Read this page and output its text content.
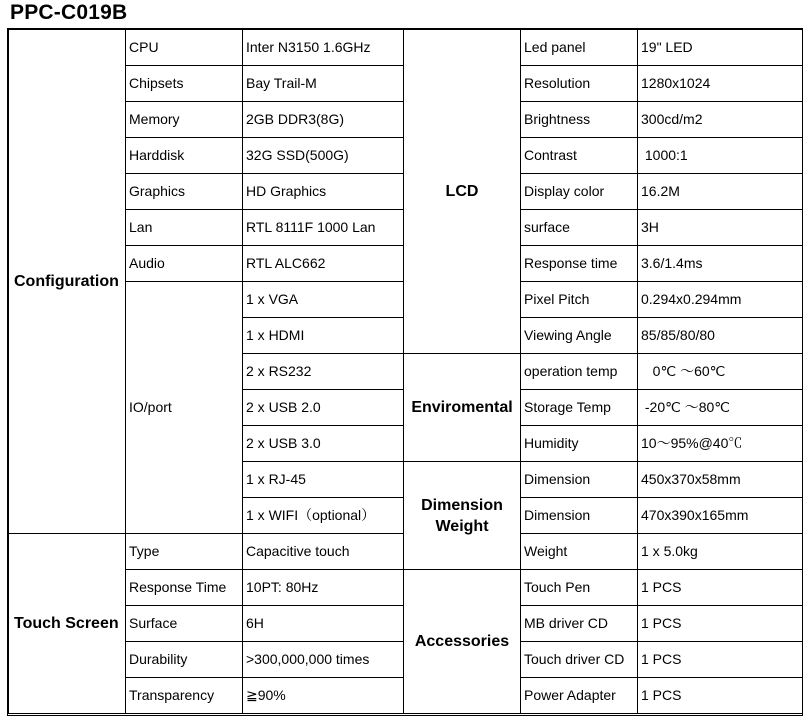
PPC-C019B
Configuration	CPU	Inter N3150 1.6GHz	LCD	Led panel	19" LED
	Chipsets	Bay Trail-M		Resolution	1280x1024
	Memory	2GB DDR3(8G)		Brightness	300cd/m2
	Harddisk	32G SSD(500G)		Contrast	1000:1
	Graphics	HD Graphics		Display color	16.2M
	Lan	RTL 8111F 1000 Lan		surface	3H
	Audio	RTL ALC662		Response time	3.6/1.4ms
	IO/port	1 x VGA		Pixel Pitch	0.294x0.294mm
		1 x HDMI		Viewing Angle	85/85/80/80
		2 x RS232	Enviromental	operation temp	0℃ ～60℃
		2 x USB 2.0		Storage Temp	-20℃ ～80℃
		2 x USB 3.0		Humidity	10～95%@40℃
		1 x RJ-45	Dimension Weight	Dimension	450x370x58mm
		1 x WIFI（optional）		Dimension	470x390x165mm
Touch Screen	Type	Capacitive touch		Weight	1 x 5.0kg
	Response Time	10PT: 80Hz	Accessories	Touch Pen	1 PCS
	Surface	6H		MB driver CD	1 PCS
	Durability	>300,000,000 times		Touch driver CD	1 PCS
	Transparency	≧90%		Power Adapter	1 PCS
